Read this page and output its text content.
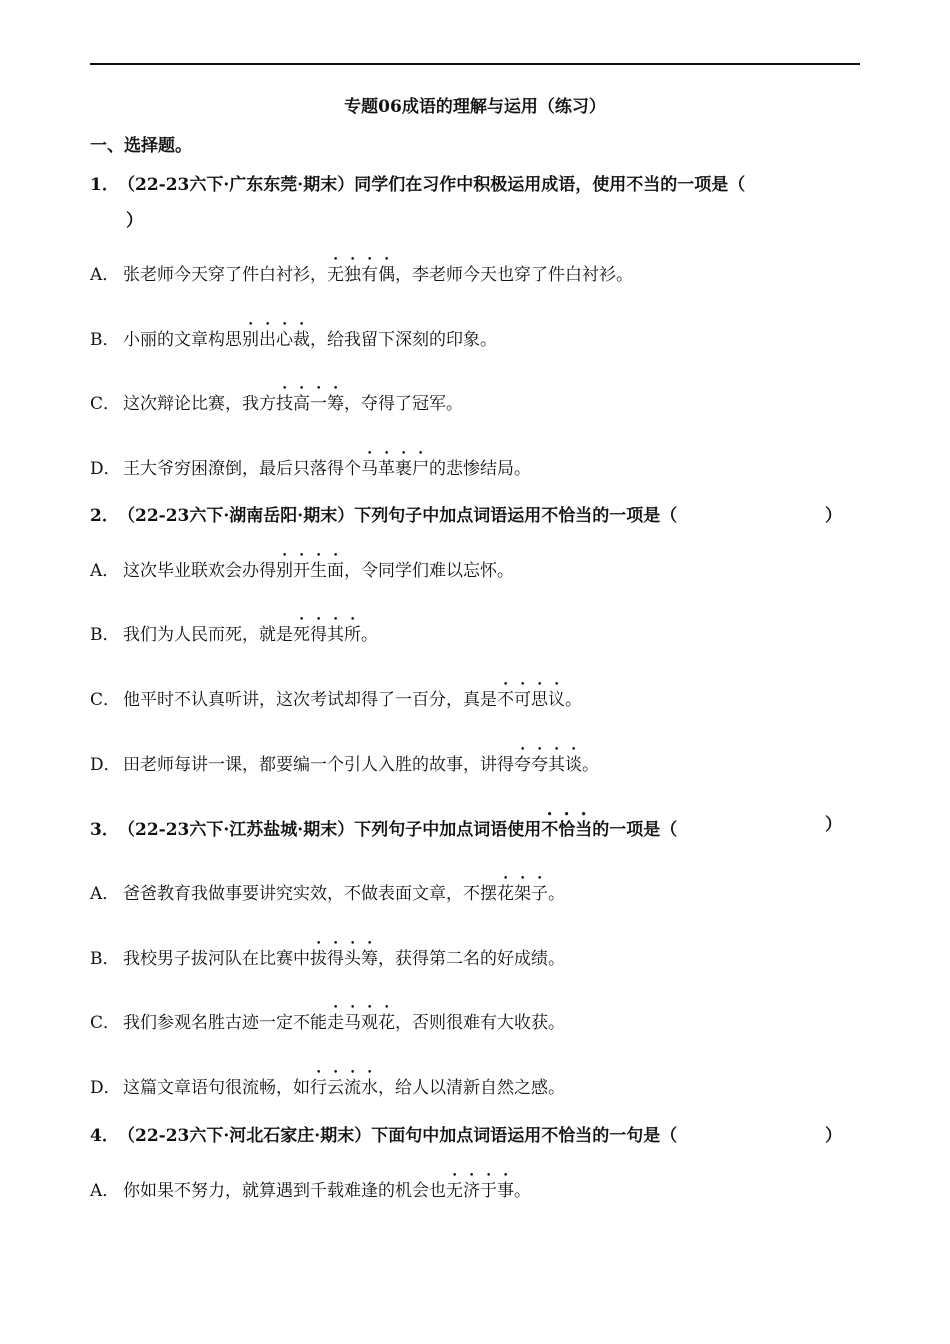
专题06成语的理解与运用（练习）
一、选择题。
1．（22-23六下·广东东莞·期末）同学们在习作中积极运用成语，使用不当的一项是（
）
A． 张老师今天穿了件白衬衫，无独有偶，李老师今天也穿了件白衬衫。
B． 小丽的文章构思别出心裁，给我留下深刻的印象。
C． 这次辩论比赛，我方技高一筹，夺得了冠军。
D． 王大爷穷困潦倒，最后只落得个马革裹尸的悲惨结局。
2．（22-23六下·湖南岳阳·期末）下列句子中加点词语运用不恰当的一项是（	）
A． 这次毕业联欢会办得别开生面，令同学们难以忘怀。
B． 我们为人民而死，就是死得其所。
C． 他平时不认真听讲，这次考试却得了一百分，真是不可思议。
D． 田老师每讲一课，都要编一个引人入胜的故事，讲得夸夸其谈。
3．（22-23六下·江苏盐城·期末）下列句子中加点词语使用不恰当的一项是（	）
A． 爸爸教育我做事要讲究实效，不做表面文章，不摆花架子。
B． 我校男子拔河队在比赛中拔得头筹，获得第二名的好成绩。
C． 我们参观名胜古迹一定不能走马观花，否则很难有大收获。
D． 这篇文章语句很流畅，如行云流水，给人以清新自然之感。
4．（22-23六下·河北石家庄·期末）下面句中加点词语运用不恰当的一句是（	）
A． 你如果不努力，就算遇到千载难逢的机会也无济于事。
